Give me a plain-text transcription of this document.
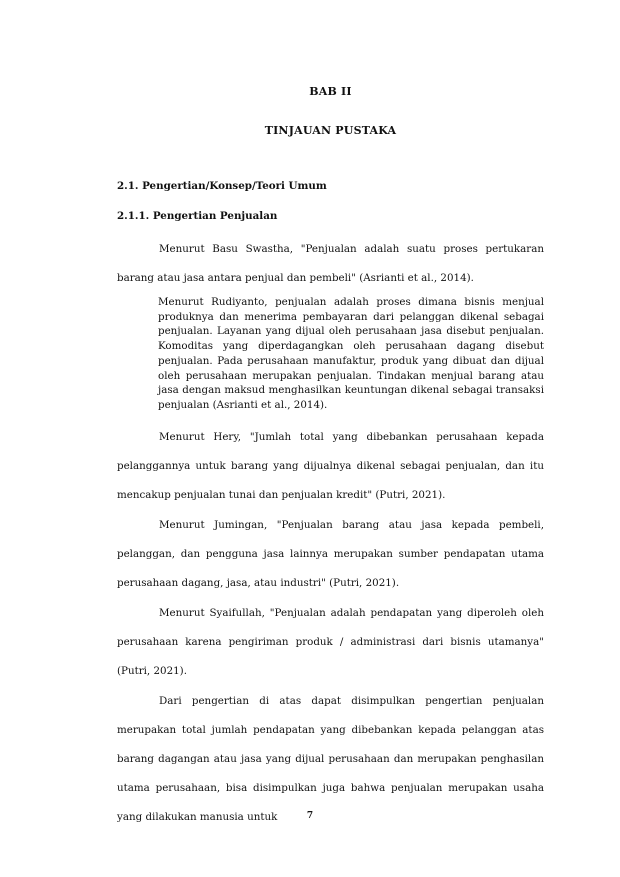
BAB II
TINJAUAN PUSTAKA
2.1. Pengertian/Konsep/Teori Umum
2.1.1. Pengertian Penjualan

Menurut Basu Swastha, "Penjualan adalah suatu proses pertukaran barang atau jasa antara penjual dan pembeli" (Asrianti et al., 2014).

Menurut Rudiyanto, penjualan adalah proses dimana bisnis menjual produknya dan menerima pembayaran dari pelanggan dikenal sebagai penjualan. Layanan yang dijual oleh perusahaan jasa disebut penjualan. Komoditas yang diperdagangkan oleh perusahaan dagang disebut penjualan. Pada perusahaan manufaktur, produk yang dibuat dan dijual oleh perusahaan merupakan penjualan. Tindakan menjual barang atau jasa dengan maksud menghasilkan keuntungan dikenal sebagai transaksi penjualan (Asrianti et al., 2014).

Menurut Hery, "Jumlah total yang dibebankan perusahaan kepada pelanggannya untuk barang yang dijualnya dikenal sebagai penjualan, dan itu mencakup penjualan tunai dan penjualan kredit" (Putri, 2021).

Menurut Jumingan, "Penjualan barang atau jasa kepada pembeli, pelanggan, dan pengguna jasa lainnya merupakan sumber pendapatan utama perusahaan dagang, jasa, atau industri" (Putri, 2021).

Menurut Syaifullah, "Penjualan adalah pendapatan yang diperoleh oleh perusahaan karena pengiriman produk / administrasi dari bisnis utamanya" (Putri, 2021).

Dari pengertian di atas dapat disimpulkan pengertian penjualan merupakan total jumlah pendapatan yang dibebankan kepada pelanggan atas barang dagangan atau jasa yang dijual perusahaan dan merupakan penghasilan utama perusahaan, bisa disimpulkan juga bahwa penjualan merupakan usaha yang dilakukan manusia untuk	7
